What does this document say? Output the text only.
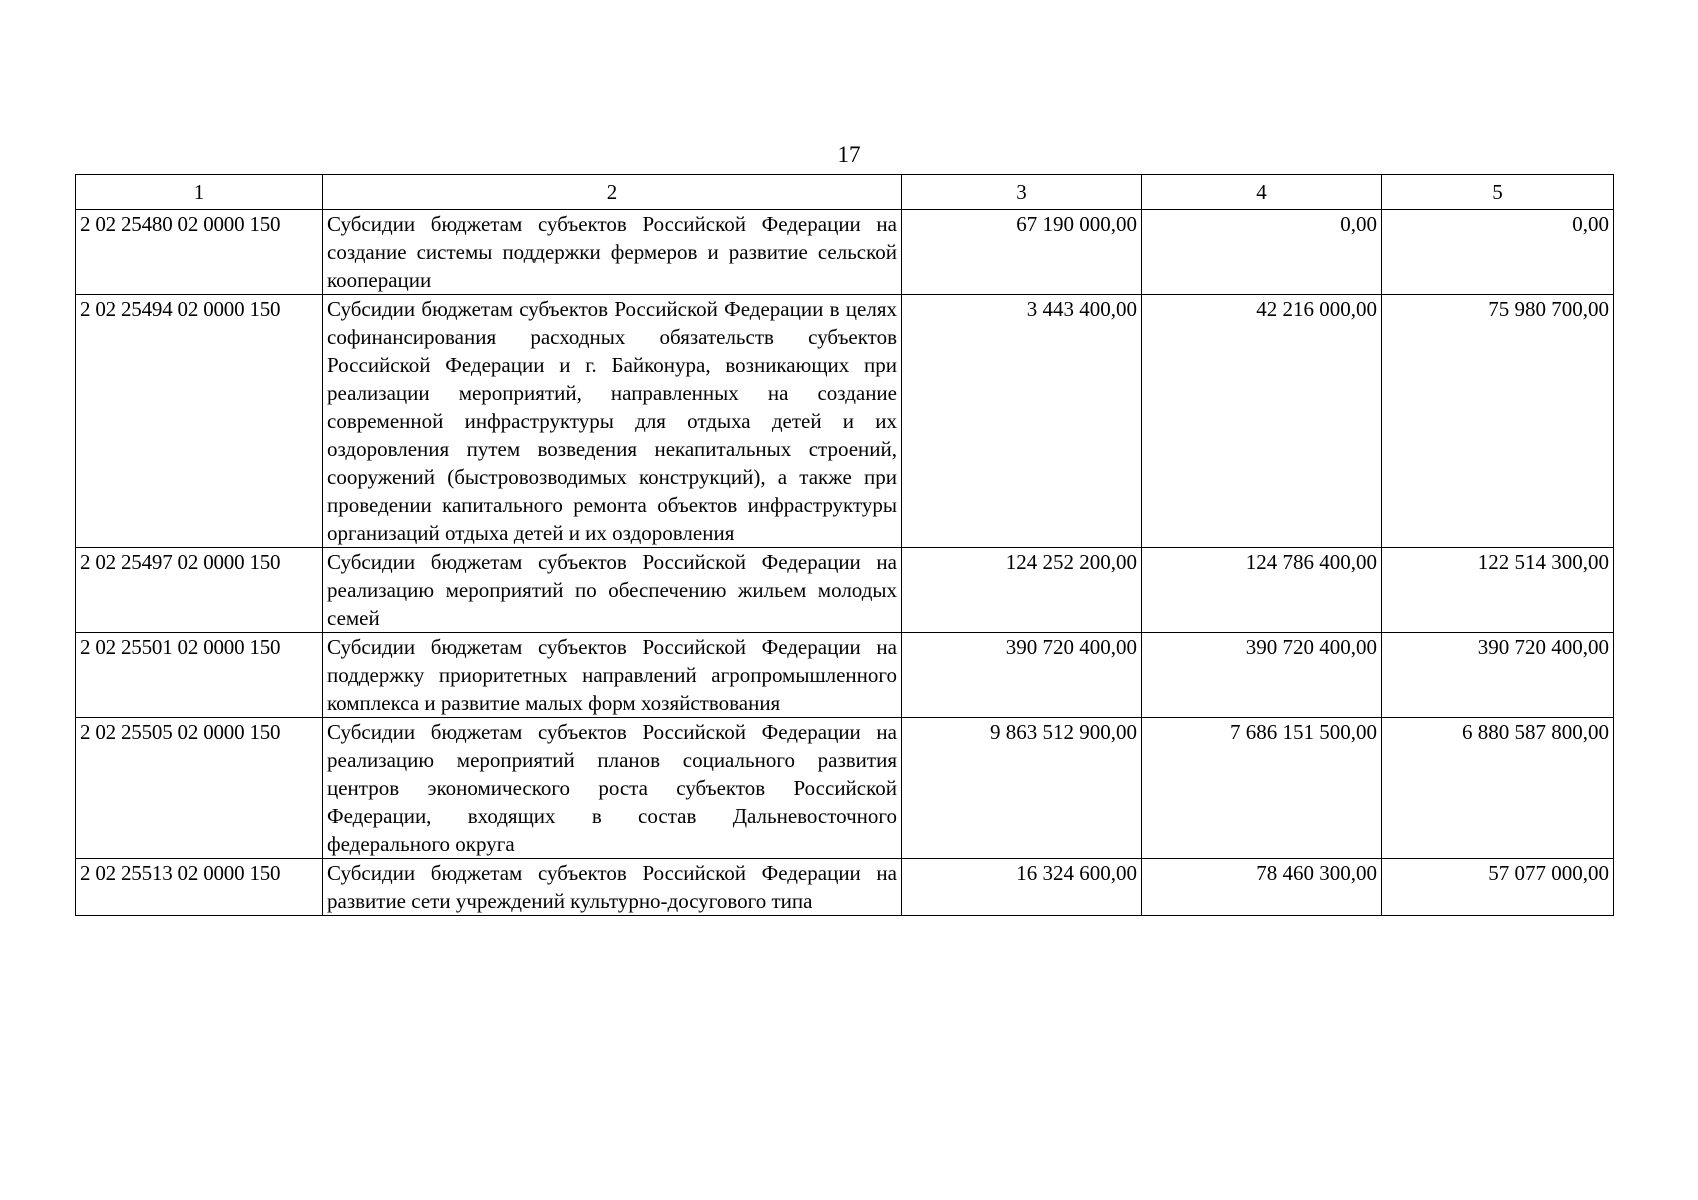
17
1	2	3	4	5
2 02 25480 02 0000 150	Субсидии бюджетам субъектов Российской Федерации на создание системы поддержки фермеров и развитие сельской кооперации	67 190 000,00	0,00	0,00
2 02 25494 02 0000 150	Субсидии бюджетам субъектов Российской Федерации в целях софинансирования расходных обязательств субъектов Российской Федерации и г. Байконура, возникающих при реализации мероприятий, направленных на создание современной инфраструктуры для отдыха детей и их оздоровления путем возведения некапитальных строений, сооружений (быстровозводимых конструкций), а также при проведении капитального ремонта объектов инфраструктуры организаций отдыха детей и их оздоровления	3 443 400,00	42 216 000,00	75 980 700,00
2 02 25497 02 0000 150	Субсидии бюджетам субъектов Российской Федерации на реализацию мероприятий по обеспечению жильем молодых семей	124 252 200,00	124 786 400,00	122 514 300,00
2 02 25501 02 0000 150	Субсидии бюджетам субъектов Российской Федерации на поддержку приоритетных направлений агропромышленного комплекса и развитие малых форм хозяйствования	390 720 400,00	390 720 400,00	390 720 400,00
2 02 25505 02 0000 150	Субсидии бюджетам субъектов Российской Федерации на реализацию мероприятий планов социального развития центров экономического роста субъектов Российской Федерации, входящих в состав Дальневосточного федерального округа	9 863 512 900,00	7 686 151 500,00	6 880 587 800,00
2 02 25513 02 0000 150	Субсидии бюджетам субъектов Российской Федерации на развитие сети учреждений культурно-досугового типа	16 324 600,00	78 460 300,00	57 077 000,00
